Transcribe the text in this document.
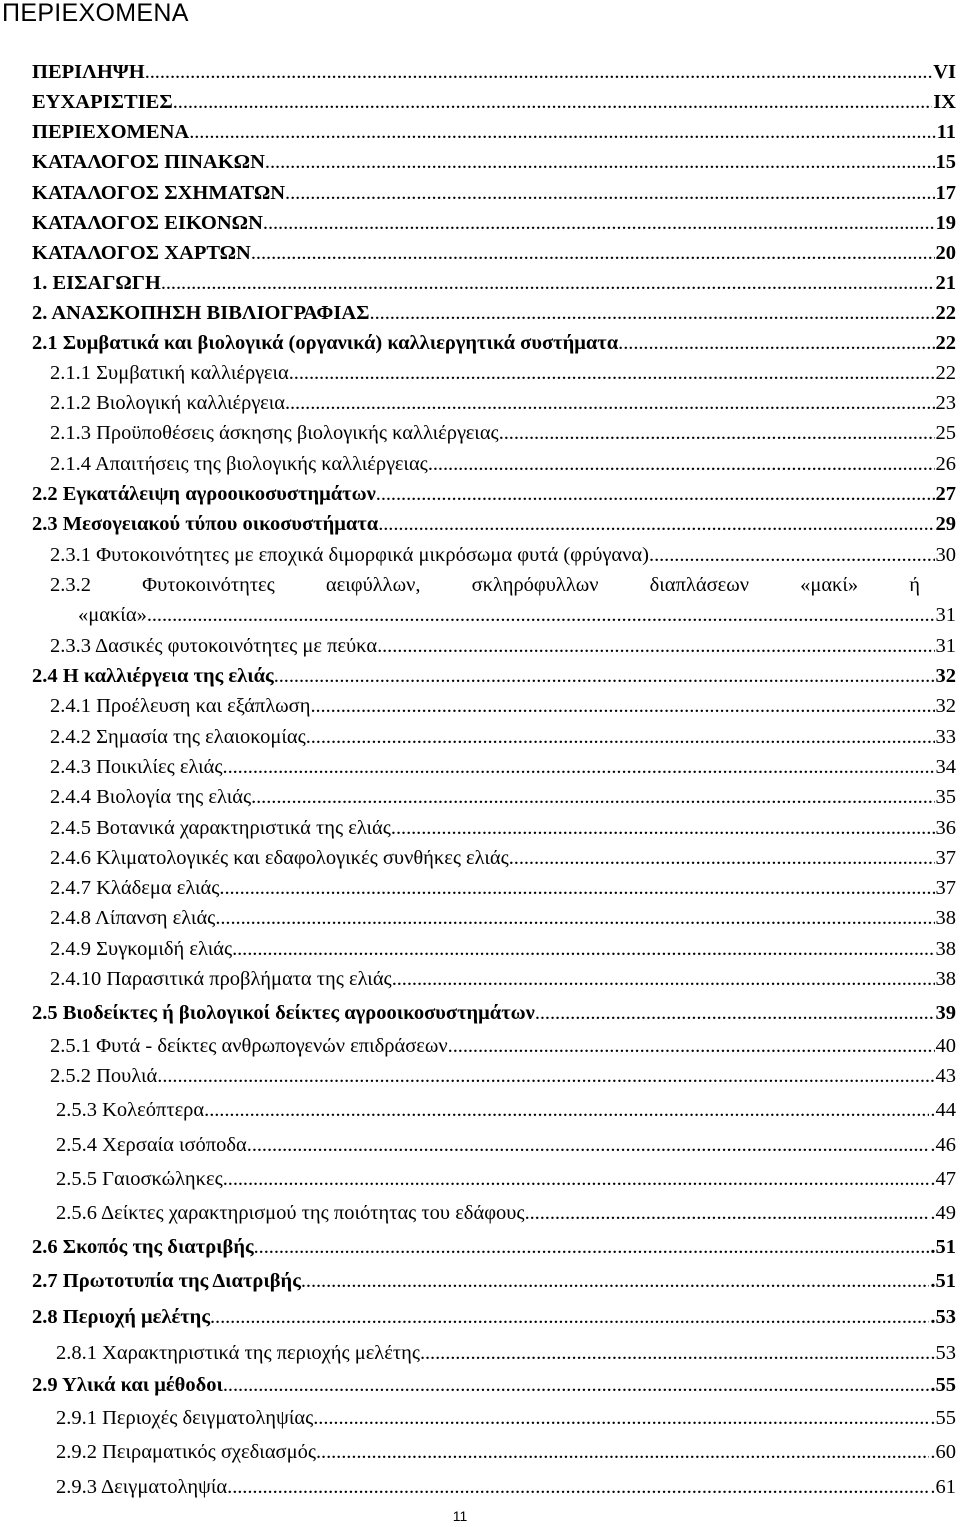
ΠΕΡΙΕΧΟΜΕΝΑ
ΠΕΡΙΛΗΨΗ . . .	VI
ΕΥΧΑΡΙΣΤΙΕΣ . . .	IX
ΠΕΡΙΕΧΟΜΕΝΑ . . .	11
ΚΑΤΑΛΟΓΟΣ ΠΙΝΑΚΩΝ . . .	15
ΚΑΤΑΛΟΓΟΣ ΣΧΗΜΑΤΩΝ . . .	17
ΚΑΤΑΛΟΓΟΣ ΕΙΚΟΝΩΝ . . .	19
ΚΑΤΑΛΟΓΟΣ ΧΑΡΤΩΝ . . .	20
1. ΕΙΣΑΓΩΓΗ . . .	21
2. ΑΝΑΣΚΟΠΗΣΗ ΒΙΒΛΙΟΓΡΑΦΙΑΣ . . .	22
2.1 Συμβατικά και βιολογικά (οργανικά) καλλιεργητικά συστήματα . . .	22
2.1.1 Συμβατική καλλιέργεια . . .	22
2.1.2 Βιολογική καλλιέργεια . . .	23
2.1.3 Προϋποθέσεις άσκησης βιολογικής καλλιέργειας . . .	25
2.1.4 Απαιτήσεις της βιολογικής καλλιέργειας . . .	26
2.2 Εγκατάλειψη αγροοικοσυστημάτων . . .	27
2.3 Μεσογειακού τύπου οικοσυστήματα . . .	29
2.3.1 Φυτοκοινότητες με εποχικά διμορφικά μικρόσωμα φυτά (φρύγανα) . . .	30
2.3.2 Φυτοκοινότητες αειφύλλων, σκληρόφυλλων διαπλάσεων «μακί» ή
«μακία» . . .	31
2.3.3 Δασικές φυτοκοινότητες με πεύκα . . .	31
2.4 Η καλλιέργεια της ελιάς . . .	32
2.4.1 Προέλευση και εξάπλωση . . .	32
2.4.2 Σημασία της ελαιοκομίας . . .	33
2.4.3 Ποικιλίες ελιάς . . .	34
2.4.4 Βιολογία της ελιάς . . .	35
2.4.5 Βοτανικά χαρακτηριστικά της ελιάς . . .	36
2.4.6 Κλιματολογικές και εδαφολογικές συνθήκες ελιάς . . .	37
2.4.7 Κλάδεμα ελιάς . . .	37
2.4.8 Λίπανση ελιάς . . .	38
2.4.9 Συγκομιδή ελιάς . . .	38
2.4.10 Παρασιτικά προβλήματα της ελιάς . . .	38
2.5 Βιοδείκτες ή βιολογικοί δείκτες αγροοικοσυστημάτων . . .	39
2.5.1 Φυτά - δείκτες ανθρωπογενών επιδράσεων . . .	40
2.5.2 Πουλιά . . .	43
2.5.3 Κολεόπτερα . . .	.44
2.5.4 Χερσαία ισόποδα . . .	.46
2.5.5 Γαιοσκώληκες . . .	.47
2.5.6 Δείκτες χαρακτηρισμού της ποιότητας του εδάφους . . .	.49
2.6 Σκοπός της διατριβής . . .	.51
2.7 Πρωτοτυπία της Διατριβής . . .	.51
2.8 Περιοχή μελέτης . . .	.53
2.8.1 Χαρακτηριστικά της περιοχής μελέτης . . .	.53
2.9 Υλικά και μέθοδοι . . .	.55
2.9.1 Περιοχές δειγματοληψίας . . .	.55
2.9.2 Πειραματικός σχεδιασμός . . .	.60
2.9.3 Δειγματοληψία . . .	.61
11
